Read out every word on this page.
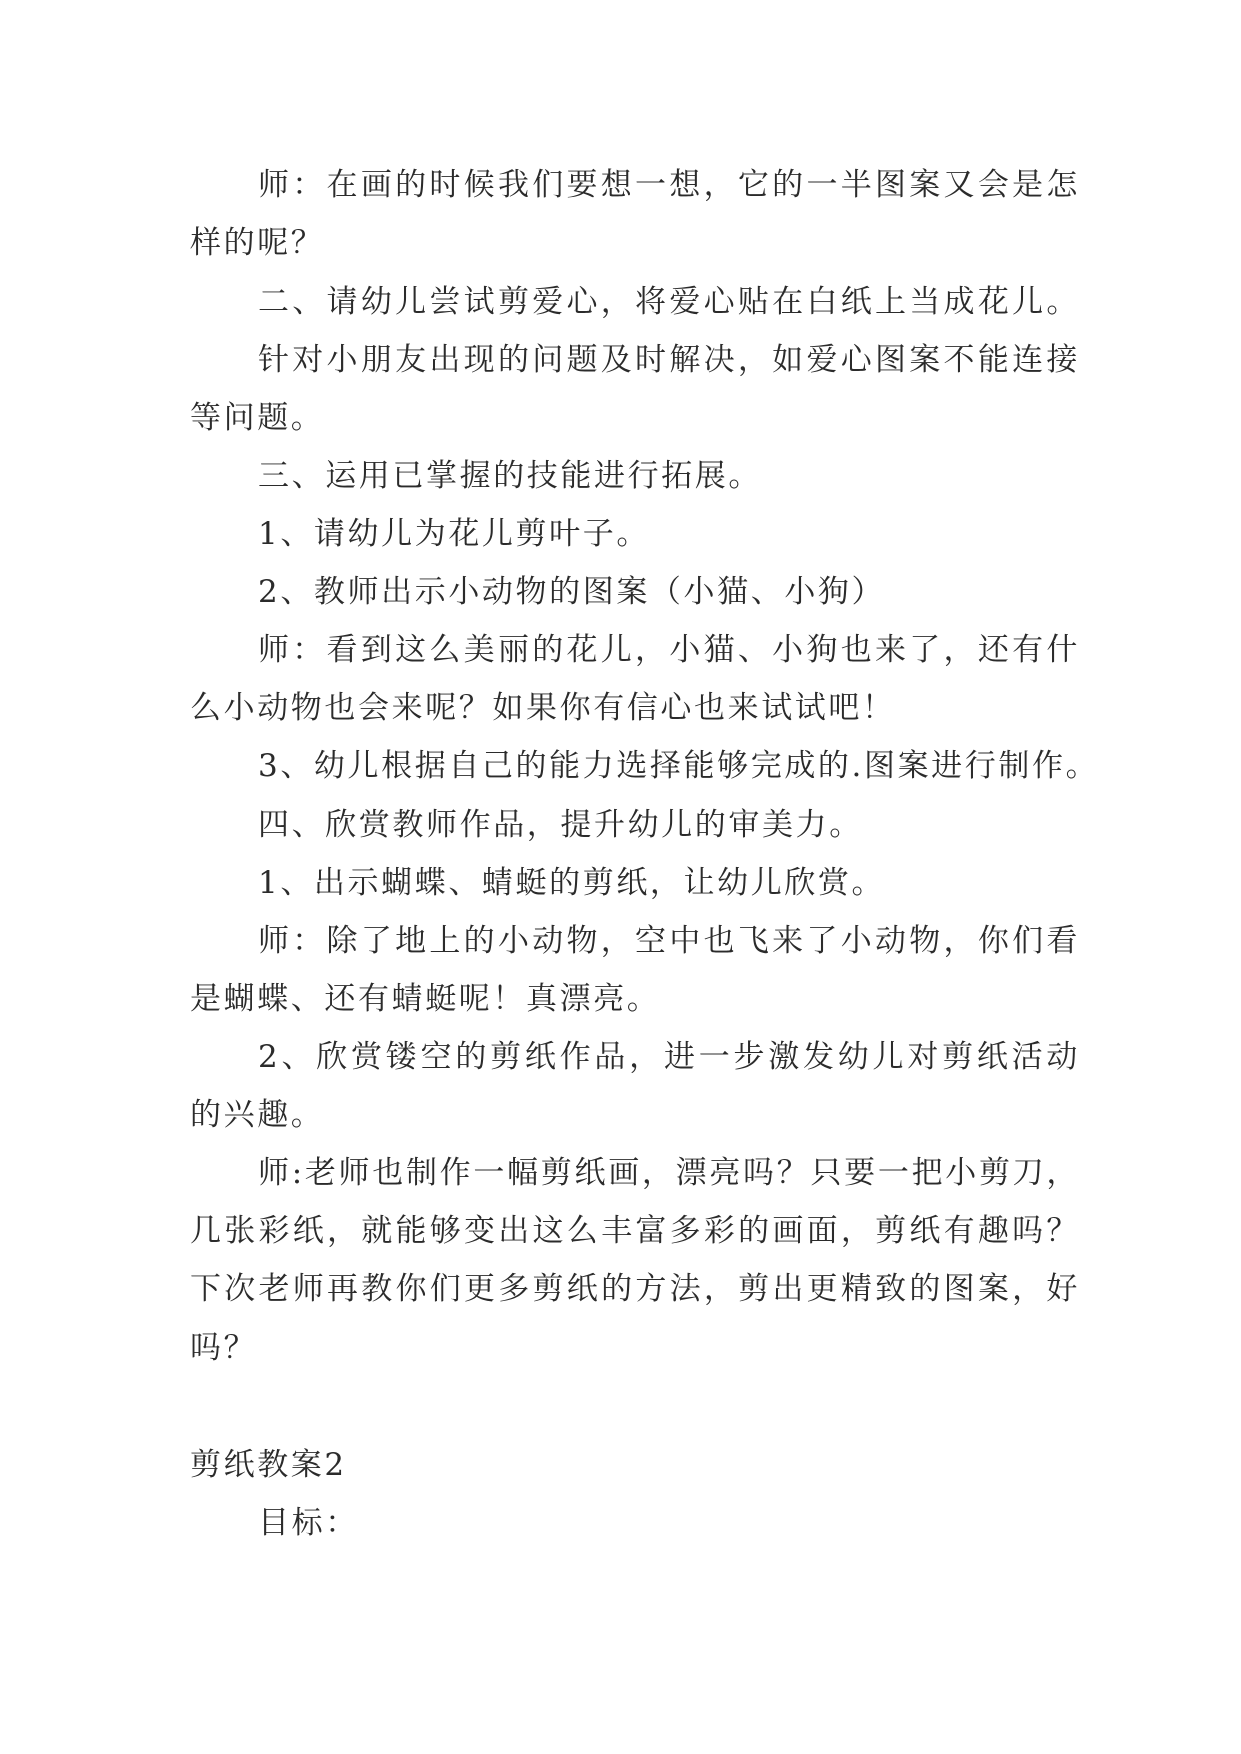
师：在画的时候我们要想一想，它的一半图案又会是怎
样的呢？
二、请幼儿尝试剪爱心，将爱心贴在白纸上当成花儿。
针对小朋友出现的问题及时解决，如爱心图案不能连接
等问题。
三、运用已掌握的技能进行拓展。
1、请幼儿为花儿剪叶子。
2、教师出示小动物的图案（小猫、小狗）
师：看到这么美丽的花儿，小猫、小狗也来了，还有什
么小动物也会来呢？如果你有信心也来试试吧！
3、幼儿根据自己的能力选择能够完成的.图案进行制作。
四、欣赏教师作品，提升幼儿的审美力。
1、出示蝴蝶、蜻蜓的剪纸，让幼儿欣赏。
师：除了地上的小动物，空中也飞来了小动物，你们看
是蝴蝶、还有蜻蜓呢！真漂亮。
2、欣赏镂空的剪纸作品，进一步激发幼儿对剪纸活动
的兴趣。
师:老师也制作一幅剪纸画，漂亮吗？只要一把小剪刀，
几张彩纸，就能够变出这么丰富多彩的画面，剪纸有趣吗？
下次老师再教你们更多剪纸的方法，剪出更精致的图案，好
吗？
剪纸教案2
目标：
